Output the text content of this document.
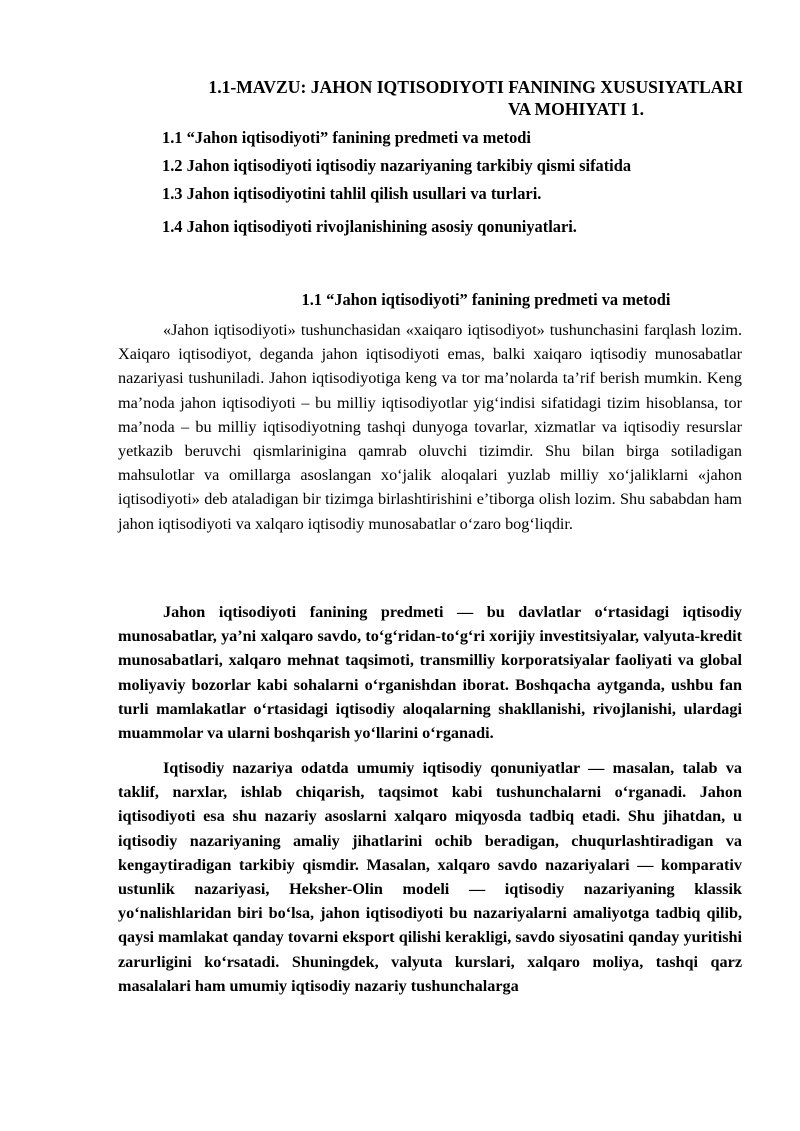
1.1-MAVZU: JAHON IQTISODIYOTI FANINING XUSUSIYATLARI
VA MOHIYATI 1.
1.1 “Jahon iqtisodiyoti” fanining predmeti va metodi
1.2 Jahon iqtisodiyoti iqtisodiy nazariyaning tarkibiy qismi sifatida
1.3 Jahon iqtisodiyotini tahlil qilish usullari va turlari.
1.4 Jahon iqtisodiyoti rivojlanishining asosiy qonuniyatlari.
1.1 “Jahon iqtisodiyoti” fanining predmeti va metodi

«Jahon iqtisodiyoti» tushunchasidan «xaiqaro iqtisodiyot» tushunchasini farqlash lozim. Xaiqaro iqtisodiyot, deganda jahon iqtisodiyoti emas, balki xaiqaro iqtisodiy munosabatlar nazariyasi tushuniladi. Jahon iqtisodiyotiga keng va tor ma’nolarda ta’rif berish mumkin. Keng ma’noda jahon iqtisodiyoti – bu milliy iqtisodiyotlar yig‘indisi sifatidagi tizim hisoblansa, tor ma’noda – bu milliy iqtisodiyotning tashqi dunyoga tovarlar, xizmatlar va iqtisodiy resurslar yetkazib beruvchi qismlarinigina qamrab oluvchi tizimdir. Shu bilan birga sotiladigan mahsulotlar va omillarga asoslangan xo‘jalik aloqalari yuzlab milliy xo‘jaliklarni «jahon iqtisodiyoti» deb ataladigan bir tizimga birlashtirishini e’tiborga olish lozim. Shu sababdan ham jahon iqtisodiyoti va xalqaro iqtisodiy munosabatlar o‘zaro bog‘liqdir.

Jahon iqtisodiyoti fanining predmeti — bu davlatlar o‘rtasidagi iqtisodiy munosabatlar, ya’ni xalqaro savdo, to‘g‘ridan-to‘g‘ri xorijiy investitsiyalar, valyuta-kredit munosabatlari, xalqaro mehnat taqsimoti, transmilliy korporatsiyalar faoliyati va global moliyaviy bozorlar kabi sohalarni o‘rganishdan iborat. Boshqacha aytganda, ushbu fan turli mamlakatlar o‘rtasidagi iqtisodiy aloqalarning shakllanishi, rivojlanishi, ulardagi muammolar va ularni boshqarish yo‘llarini o‘rganadi.

Iqtisodiy nazariya odatda umumiy iqtisodiy qonuniyatlar — masalan, talab va taklif, narxlar, ishlab chiqarish, taqsimot kabi tushunchalarni o‘rganadi. Jahon iqtisodiyoti esa shu nazariy asoslarni xalqaro miqyosda tadbiq etadi. Shu jihatdan, u iqtisodiy nazariyaning amaliy jihatlarini ochib beradigan, chuqurlashtiradigan va kengaytiradigan tarkibiy qismdir. Masalan, xalqaro savdo nazariyalari — komparativ ustunlik nazariyasi, Heksher-Olin modeli — iqtisodiy nazariyaning klassik yo‘nalishlaridan biri bo‘lsa, jahon iqtisodiyoti bu nazariyalarni amaliyotga tadbiq qilib, qaysi mamlakat qanday tovarni eksport qilishi kerakligi, savdo siyosatini qanday yuritishi zarurligini ko‘rsatadi. Shuningdek, valyuta kurslari, xalqaro moliya, tashqi qarz masalalari ham umumiy iqtisodiy nazariy tushunchalarga
